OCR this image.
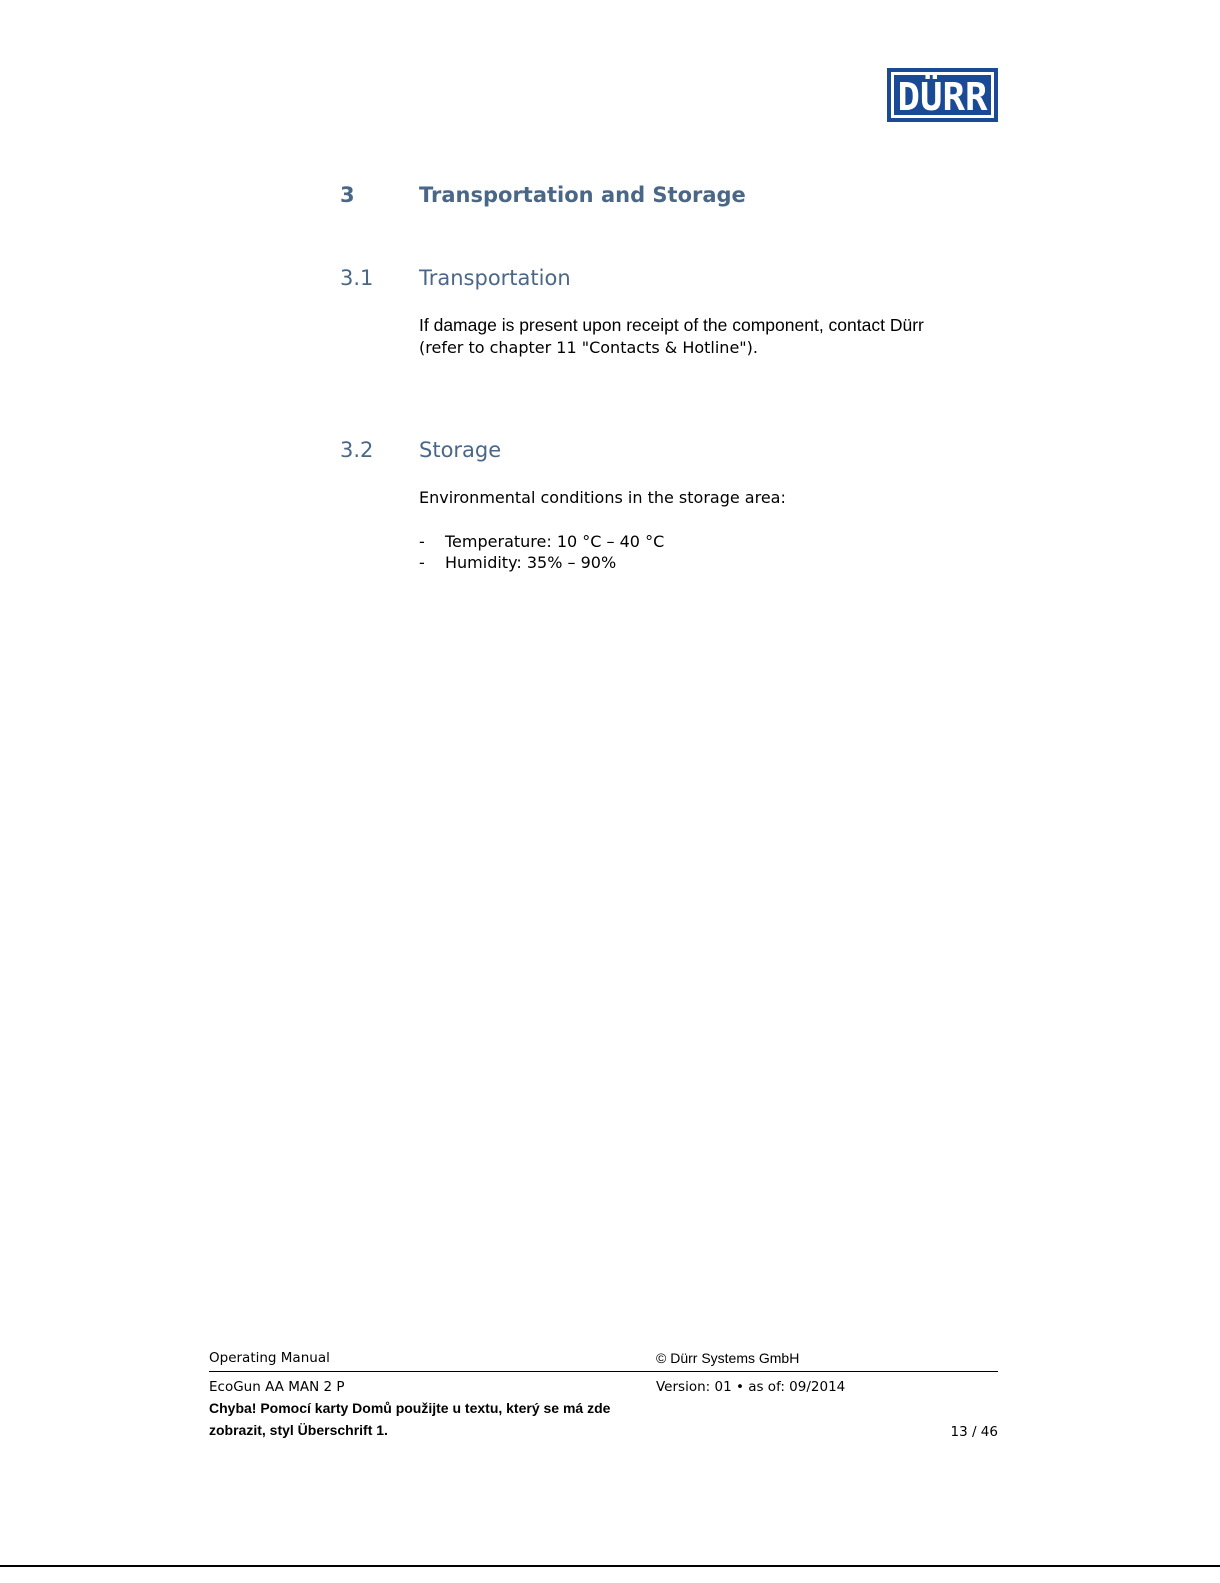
DÜRR
3	Transportation and Storage
3.1 Transportation
If damage is present upon receipt of the component, contact Dürr
(refer to chapter 11 "Contacts & Hotline").
3.2 Storage
Environmental conditions in the storage area:
- Temperature: 10 °C – 40 °C
- Humidity: 35% – 90%
Operating Manual	© Dürr Systems GmbH
EcoGun AA MAN 2 P	Version: 01 • as of: 09/2014
Chyba! Pomocí karty Domů použijte u textu, který se má zde
zobrazit, styl Überschrift 1.	13 / 46
